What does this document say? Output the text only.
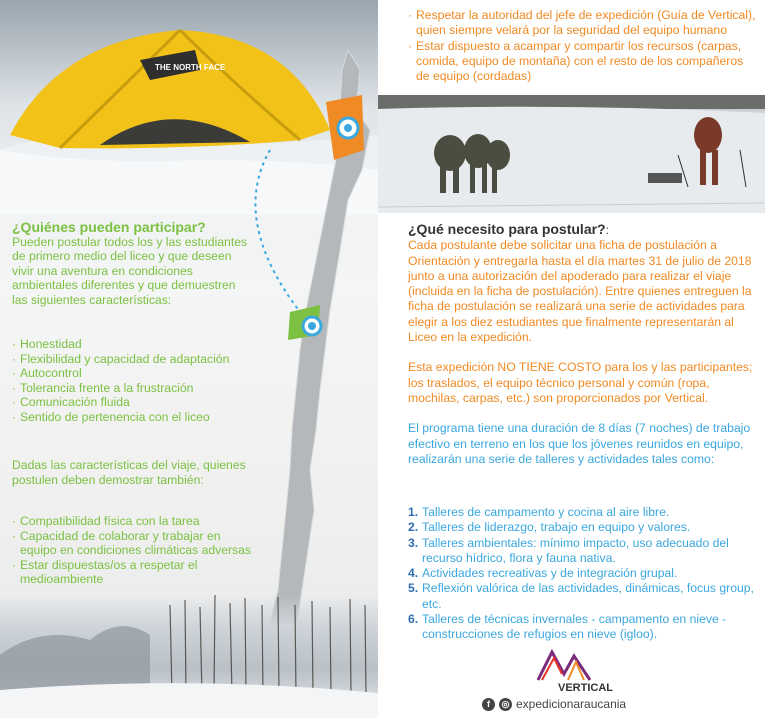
THE NORTH FACE
¿Quiénes pueden participar?
Pueden postular todos los y las estudiantes de primero medio del liceo y que deseen vivir una aventura en condiciones ambientales diferentes y que demuestren las siguientes características:
· Honestidad
· Flexibilidad y capacidad de adaptación
· Autocontrol
· Tolerancia frente a la frustración
· Comunicación fluida
· Sentido de pertenencia con el liceo
Dadas las características del viaje, quienes postulen deben demostrar también:
· Compatibilidad física con la tarea
· Capacidad de colaborar y trabajar en equipo en condiciones climáticas adversas
· Estar dispuestas/os a respetar el medioambiente
· Respetar la autoridad del jefe de expedición (Guía de Vertical), quien siempre velará por la seguridad del equipo humano
· Estar dispuesto a acampar y compartir los recursos (carpas, comida, equipo de montaña) con el resto de los compañeros de equipo (cordadas)
¿Qué necesito para postular?:
Cada postulante debe solicitar una ficha de postulación a Orientación y entregarla hasta el día martes 31 de julio de 2018 junto a una autorización del apoderado para realizar el viaje (incluida en la ficha de postulación). Entre quienes entreguen la ficha de postulación se realizará una serie de actividades para elegir a los diez estudiantes que finalmente representarán al Liceo en la expedición.
Esta expedición NO TIENE COSTO para los y las participantes; los traslados, el equipo técnico personal y común (ropa, mochilas, carpas, etc.) son proporcionados por Vertical.
El programa tiene una duración de 8 días (7 noches) de trabajo efectivo en terreno en los que los jóvenes reunidos en equipo, realizarán una serie de talleres y actividades tales como:
1. Talleres de campamento y cocina al aire libre.
2. Talleres de liderazgo, trabajo en equipo y valores.
3. Talleres ambientales: mínimo impacto, uso adecuado del recurso hídrico, flora y fauna nativa.
4. Actividades recreativas y de integración grupal.
5. Reflexión valórica de las actividades, dinámicas, focus group, etc.
6. Talleres de técnicas invernales - campamento en nieve - construcciones de refugios en nieve (igloo).
VERTICAL
f	◎ expedicionaraucania
